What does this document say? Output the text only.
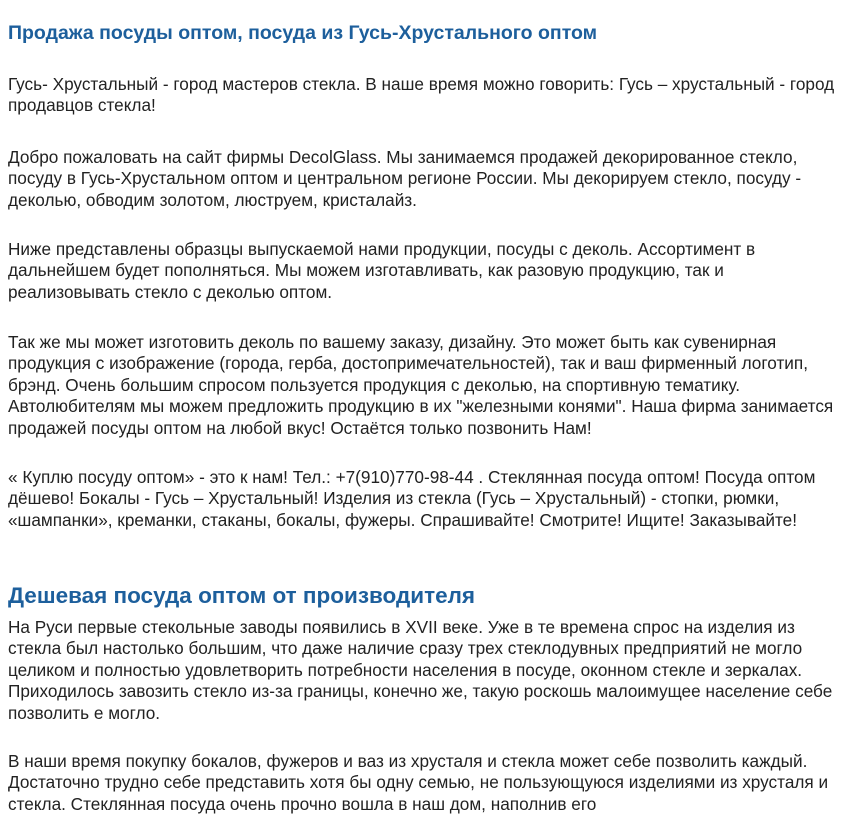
Продажа посуды оптом, посуда из Гусь-Хрустального оптом

Гусь- Хрустальный - город мастеров стекла. В наше время можно говорить: Гусь – хрустальный - город продавцов стекла!

Добро пожаловать на сайт фирмы DecolGlass. Мы занимаемся продажей декорированное стекло, посуду в Гусь-Хрустальном оптом и центральном регионе России. Мы декорируем стекло, посуду - деколью, обводим золотом, люструем, кристалайз.

Ниже представлены образцы выпускаемой нами продукции, посуды с деколь. Ассортимент в дальнейшем будет пополняться. Мы можем изготавливать, как разовую продукцию, так и реализовывать стекло с деколью оптом.

Так же мы может изготовить деколь по вашему заказу, дизайну. Это может быть как сувенирная продукция с изображение (города, герба, достопримечательностей), так и ваш фирменный логотип, брэнд. Очень большим спросом пользуется продукция с деколью, на спортивную тематику. Автолюбителям мы можем предложить продукцию в их "железными конями". Наша фирма занимается продажей посуды оптом на любой вкус! Остаётся только позвонить Нам!

« Куплю посуду оптом» - это к нам! Тел.: +7(910)770-98-44 . Стеклянная посуда оптом! Посуда оптом дёшево! Бокалы - Гусь – Хрустальный! Изделия из стекла (Гусь – Хрустальный) - стопки, рюмки, «шампанки», креманки, стаканы, бокалы, фужеры. Спрашивайте! Смотрите! Ищите! Заказывайте!

Дешевая посуда оптом от производителя

На Руси первые стекольные заводы появились в XVII веке. Уже в те времена спрос на изделия из стекла был настолько большим, что даже наличие сразу трех стеклодувных предприятий не могло целиком и полностью удовлетворить потребности населения в посуде, оконном стекле и зеркалах. Приходилось завозить стекло из-за границы, конечно же, такую роскошь малоимущее население себе позволить е могло.

В наши время покупку бокалов, фужеров и ваз из хрусталя и стекла может себе позволить каждый. Достаточно трудно себе представить хотя бы одну семью, не пользующуюся изделиями из хрусталя и стекла. Стеклянная посуда очень прочно вошла в наш дом, наполнив его
